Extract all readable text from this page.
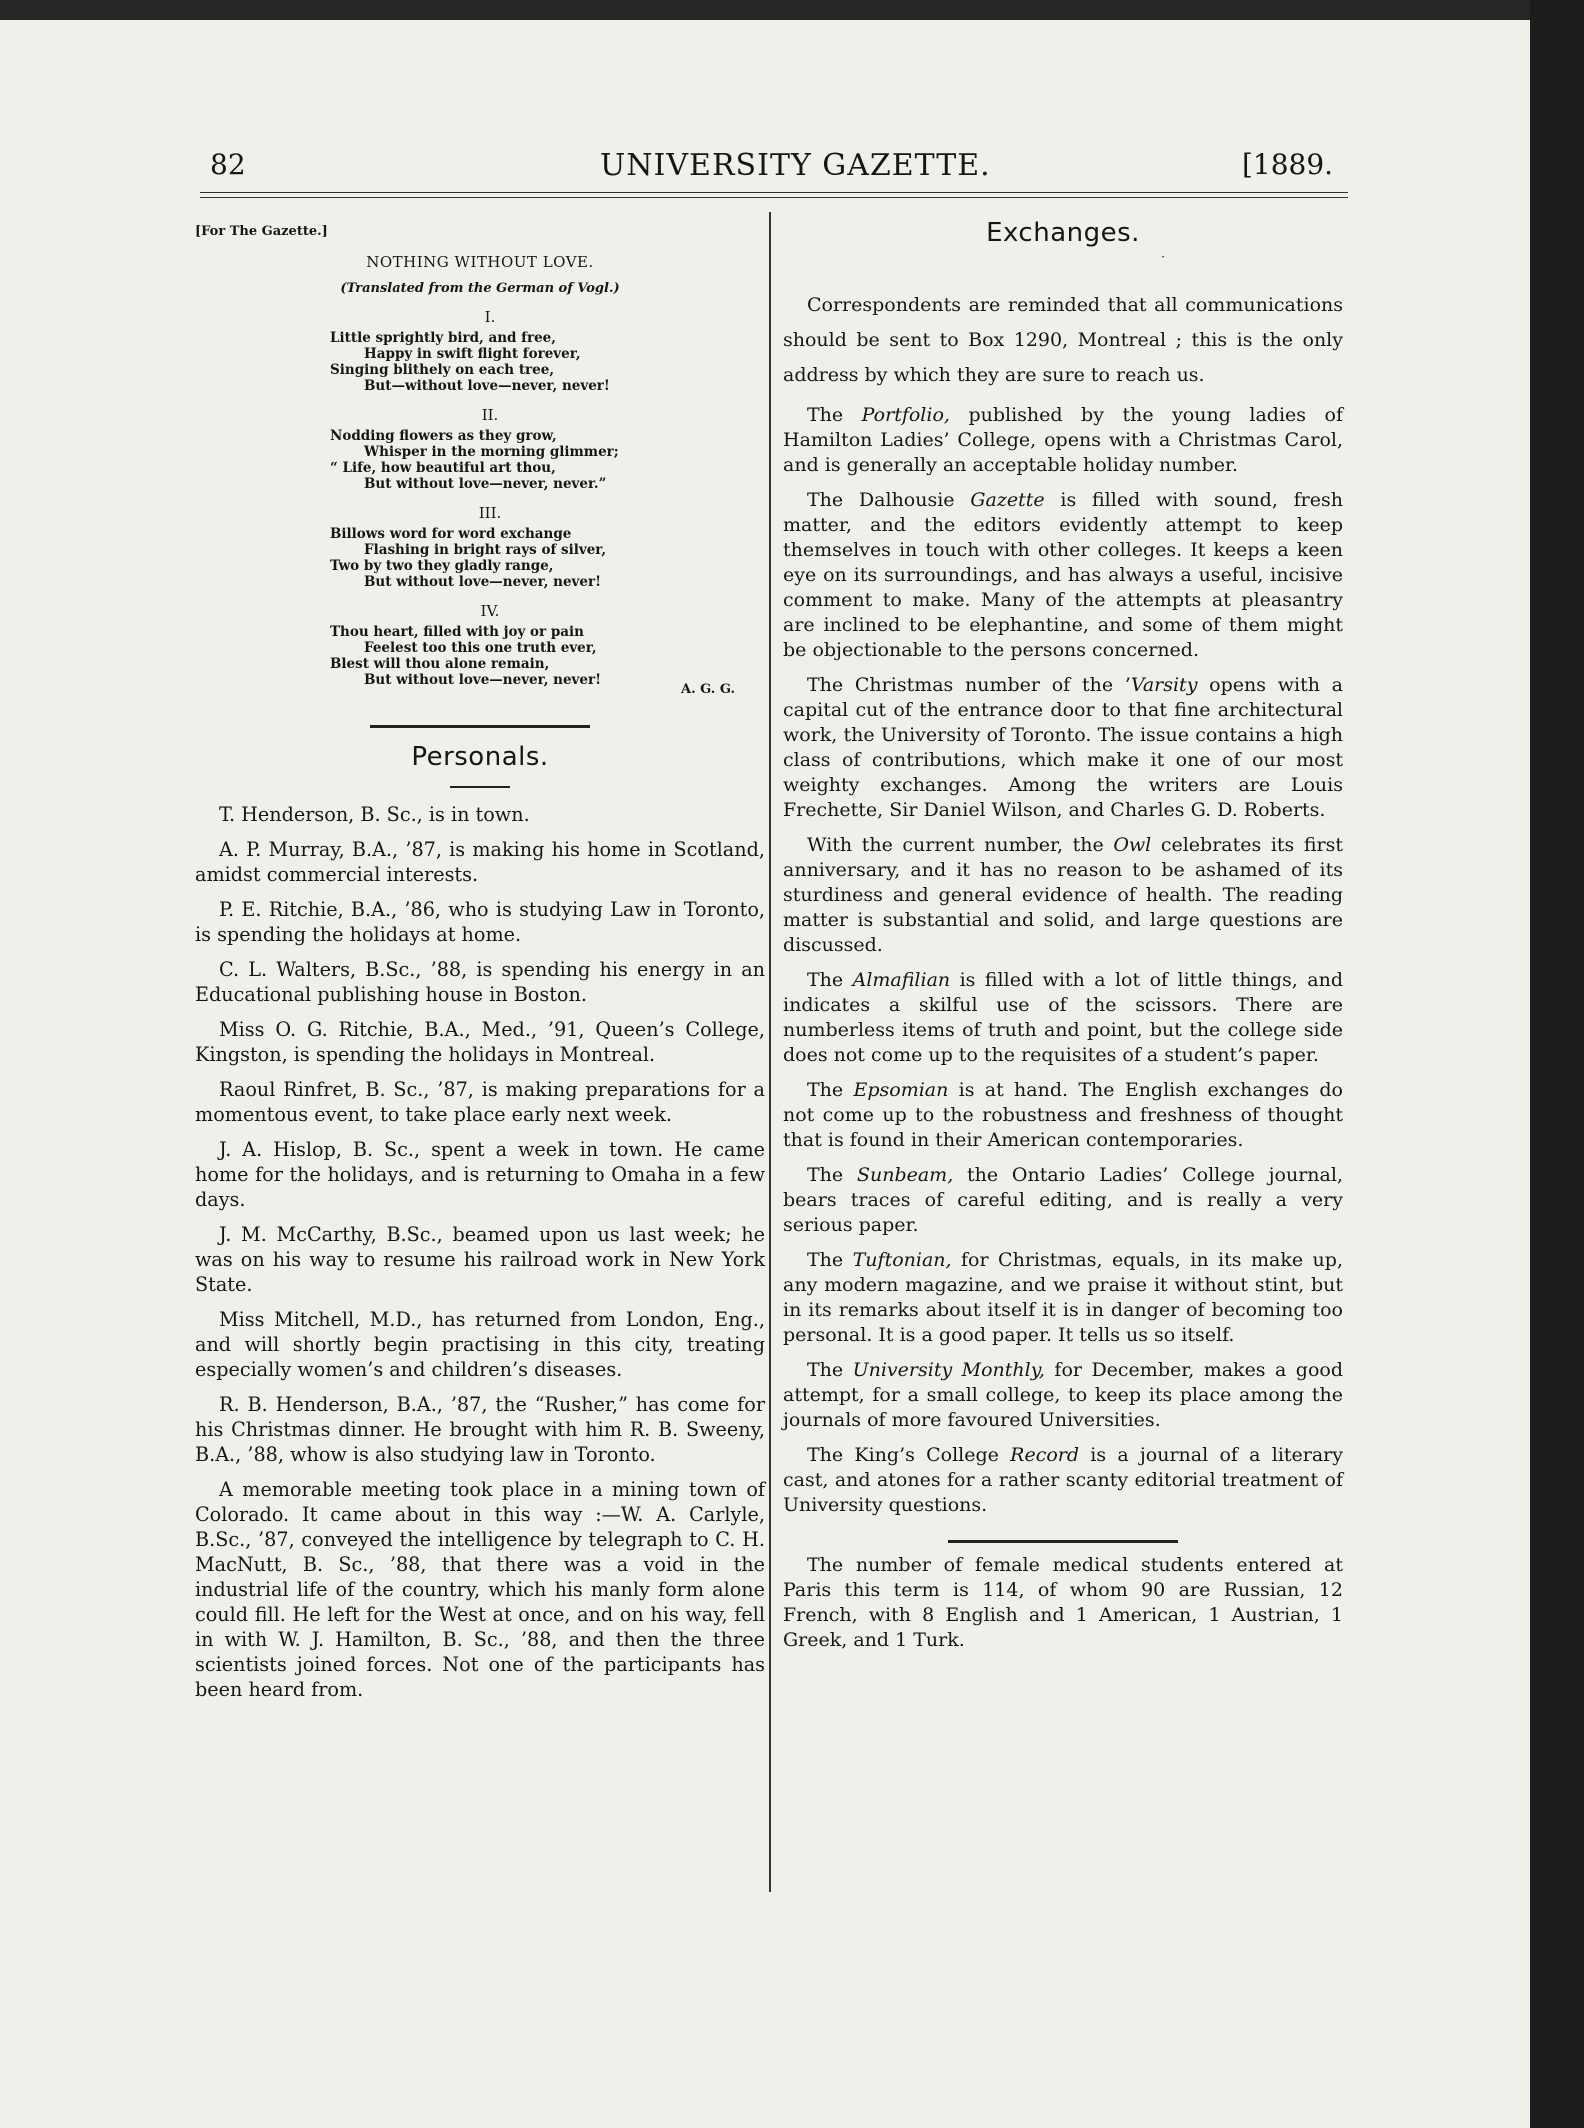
82	UNIVERSITY GAZETTE.	[1889.
[For The Gazette.]
NOTHING WITHOUT LOVE.
(Translated from the German of Vogl.)
I.
Little sprightly bird, and free,
Happy in swift flight forever,
Singing blithely on each tree,
But—without love—never, never!
II.
Nodding flowers as they grow,
Whisper in the morning glimmer;
“ Life, how beautiful art thou,
But without love—never, never.”
III.
Billows word for word exchange
Flashing in bright rays of silver,
Two by two they gladly range,
But without love—never, never!
IV.
Thou heart, filled with joy or pain
Feelest too this one truth ever,
Blest will thou alone remain,
But without love—never, never!
A. G. G.
Personals.

T. Henderson, B. Sc., is in town.

A. P. Murray, B.A., ’87, is making his home in Scotland, amidst commercial interests.

P. E. Ritchie, B.A., ’86, who is studying Law in Toronto, is spending the holidays at home.

C. L. Walters, B.Sc., ’88, is spending his energy in an Educational publishing house in Boston.

Miss O. G. Ritchie, B.A., Med., ’91, Queen’s College, Kingston, is spending the holidays in Montreal.

Raoul Rinfret, B. Sc., ’87, is making preparations for a momentous event, to take place early next week.

J. A. Hislop, B. Sc., spent a week in town. He came home for the holidays, and is returning to Omaha in a few days.

J. M. McCarthy, B.Sc., beamed upon us last week; he was on his way to resume his railroad work in New York State.

Miss Mitchell, M.D., has returned from London, Eng., and will shortly begin practising in this city, treating especially women’s and children’s diseases.

R. B. Henderson, B.A., ’87, the “Rusher,” has come for his Christmas dinner. He brought with him R. B. Sweeny, B.A., ’88, whow is also studying law in Toronto.

A memorable meeting took place in a mining town of Colorado. It came about in this way :—W. A. Carlyle, B.Sc., ’87, conveyed the intelligence by telegraph to C. H. MacNutt, B. Sc., ’88, that there was a void in the industrial life of the country, which his manly form alone could fill. He left for the West at once, and on his way, fell in with W. J. Hamilton, B. Sc., ’88, and then the three scientists joined forces. Not one of the participants has been heard from.

Exchanges.
·

Correspondents are reminded that all communications should be sent to Box 1290, Montreal ; this is the only address by which they are sure to reach us.

The Portfolio, published by the young ladies of Hamilton Ladies’ College, opens with a Christmas Carol, and is generally an acceptable holiday number.

The Dalhousie Gazette is filled with sound, fresh matter, and the editors evidently attempt to keep themselves in touch with other colleges. It keeps a keen eye on its surroundings, and has always a useful, incisive comment to make. Many of the attempts at pleasantry are inclined to be elephantine, and some of them might be objectionable to the persons concerned.

The Christmas number of the ’Varsity opens with a capital cut of the entrance door to that fine architectural work, the University of Toronto. The issue contains a high class of contributions, which make it one of our most weighty exchanges. Among the writers are Louis Frechette, Sir Daniel Wilson, and Charles G. D. Roberts.

With the current number, the Owl celebrates its first anniversary, and it has no reason to be ashamed of its sturdiness and general evidence of health. The reading matter is substantial and solid, and large questions are discussed.

The Almafilian is filled with a lot of little things, and indicates a skilful use of the scissors. There are numberless items of truth and point, but the college side does not come up to the requisites of a student’s paper.

The Epsomian is at hand. The English exchanges do not come up to the robustness and freshness of thought that is found in their American contemporaries.

The Sunbeam, the Ontario Ladies’ College journal, bears traces of careful editing, and is really a very serious paper.

The Tuftonian, for Christmas, equals, in its make up, any modern magazine, and we praise it without stint, but in its remarks about itself it is in danger of becoming too personal. It is a good paper. It tells us so itself.

The University Monthly, for December, makes a good attempt, for a small college, to keep its place among the journals of more favoured Universities.

The King’s College Record is a journal of a literary cast, and atones for a rather scanty editorial treatment of University questions.

The number of female medical students entered at Paris this term is 114, of whom 90 are Russian, 12 French, with 8 English and 1 American, 1 Austrian, 1 Greek, and 1 Turk.
